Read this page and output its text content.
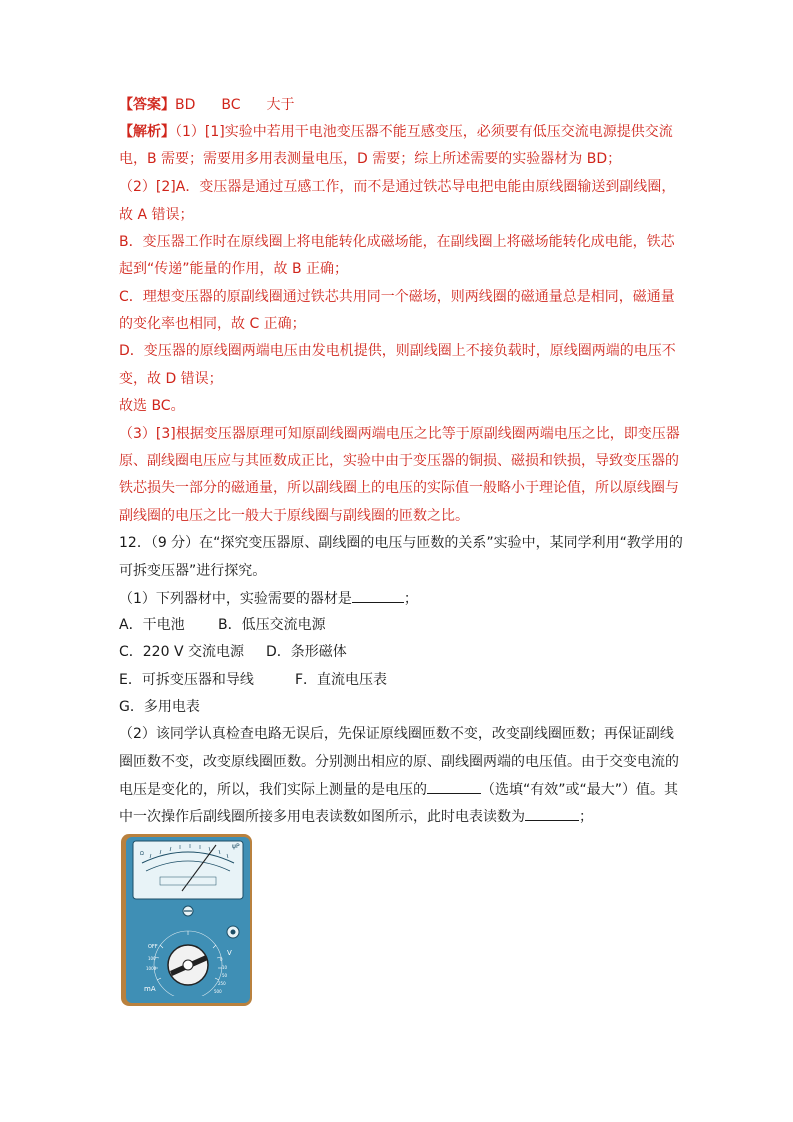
【答案】BD BC 大于
【解析】（1）[1]实验中若用干电池变压器不能互感变压，必须要有低压交流电源提供交流
电，B 需要；需要用多用表测量电压，D 需要；综上所述需要的实验器材为 BD；
（2）[2]A．变压器是通过互感工作，而不是通过铁芯导电把电能由原线圈输送到副线圈，
故 A 错误；
B．变压器工作时在原线圈上将电能转化成磁场能，在副线圈上将磁场能转化成电能，铁芯
起到“传递”能量的作用，故 B 正确；
C．理想变压器的原副线圈通过铁芯共用同一个磁场，则两线圈的磁通量总是相同，磁通量
的变化率也相同，故 C 正确；
D．变压器的原线圈两端电压由发电机提供，则副线圈上不接负载时，原线圈两端的电压不
变，故 D 错误；
故选 BC。
（3）[3]根据变压器原理可知原副线圈两端电压之比等于原副线圈两端电压之比，即变压器
原、副线圈电压应与其匝数成正比，实验中由于变压器的铜损、磁损和铁损，导致变压器的
铁芯损失一部分的磁通量，所以副线圈上的电压的实际值一般略小于理论值，所以原线圈与
副线圈的电压之比一般大于原线圈与副线圈的匝数之比。
12．（9 分）在“探究变压器原、副线圈的电压与匝数的关系”实验中，某同学利用“教学用的
可拆变压器”进行探究。
（1）下列器材中，实验需要的器材是	；
A．干电池 B．低压交流电源
C．220 V 交流电源 D．条形磁体
E．可拆变压器和导线	F．直流电压表
G．多用电表
（2）该同学认真检查电路无误后，先保证原线圈匝数不变，改变副线圈匝数；再保证副线
圈匝数不变，改变原线圈匝数。分别测出相应的原、副线圈两端的电压值。由于交变电流的
电压是变化的，所以，我们实际上测量的是电压的	（选填“有效”或“最大”）值。其
中一次操作后副线圈所接多用电表读数如图所示，此时电表读数为	；
Ω
ψP
OFF
mA
V
0
10
50
100
250
500
1000
